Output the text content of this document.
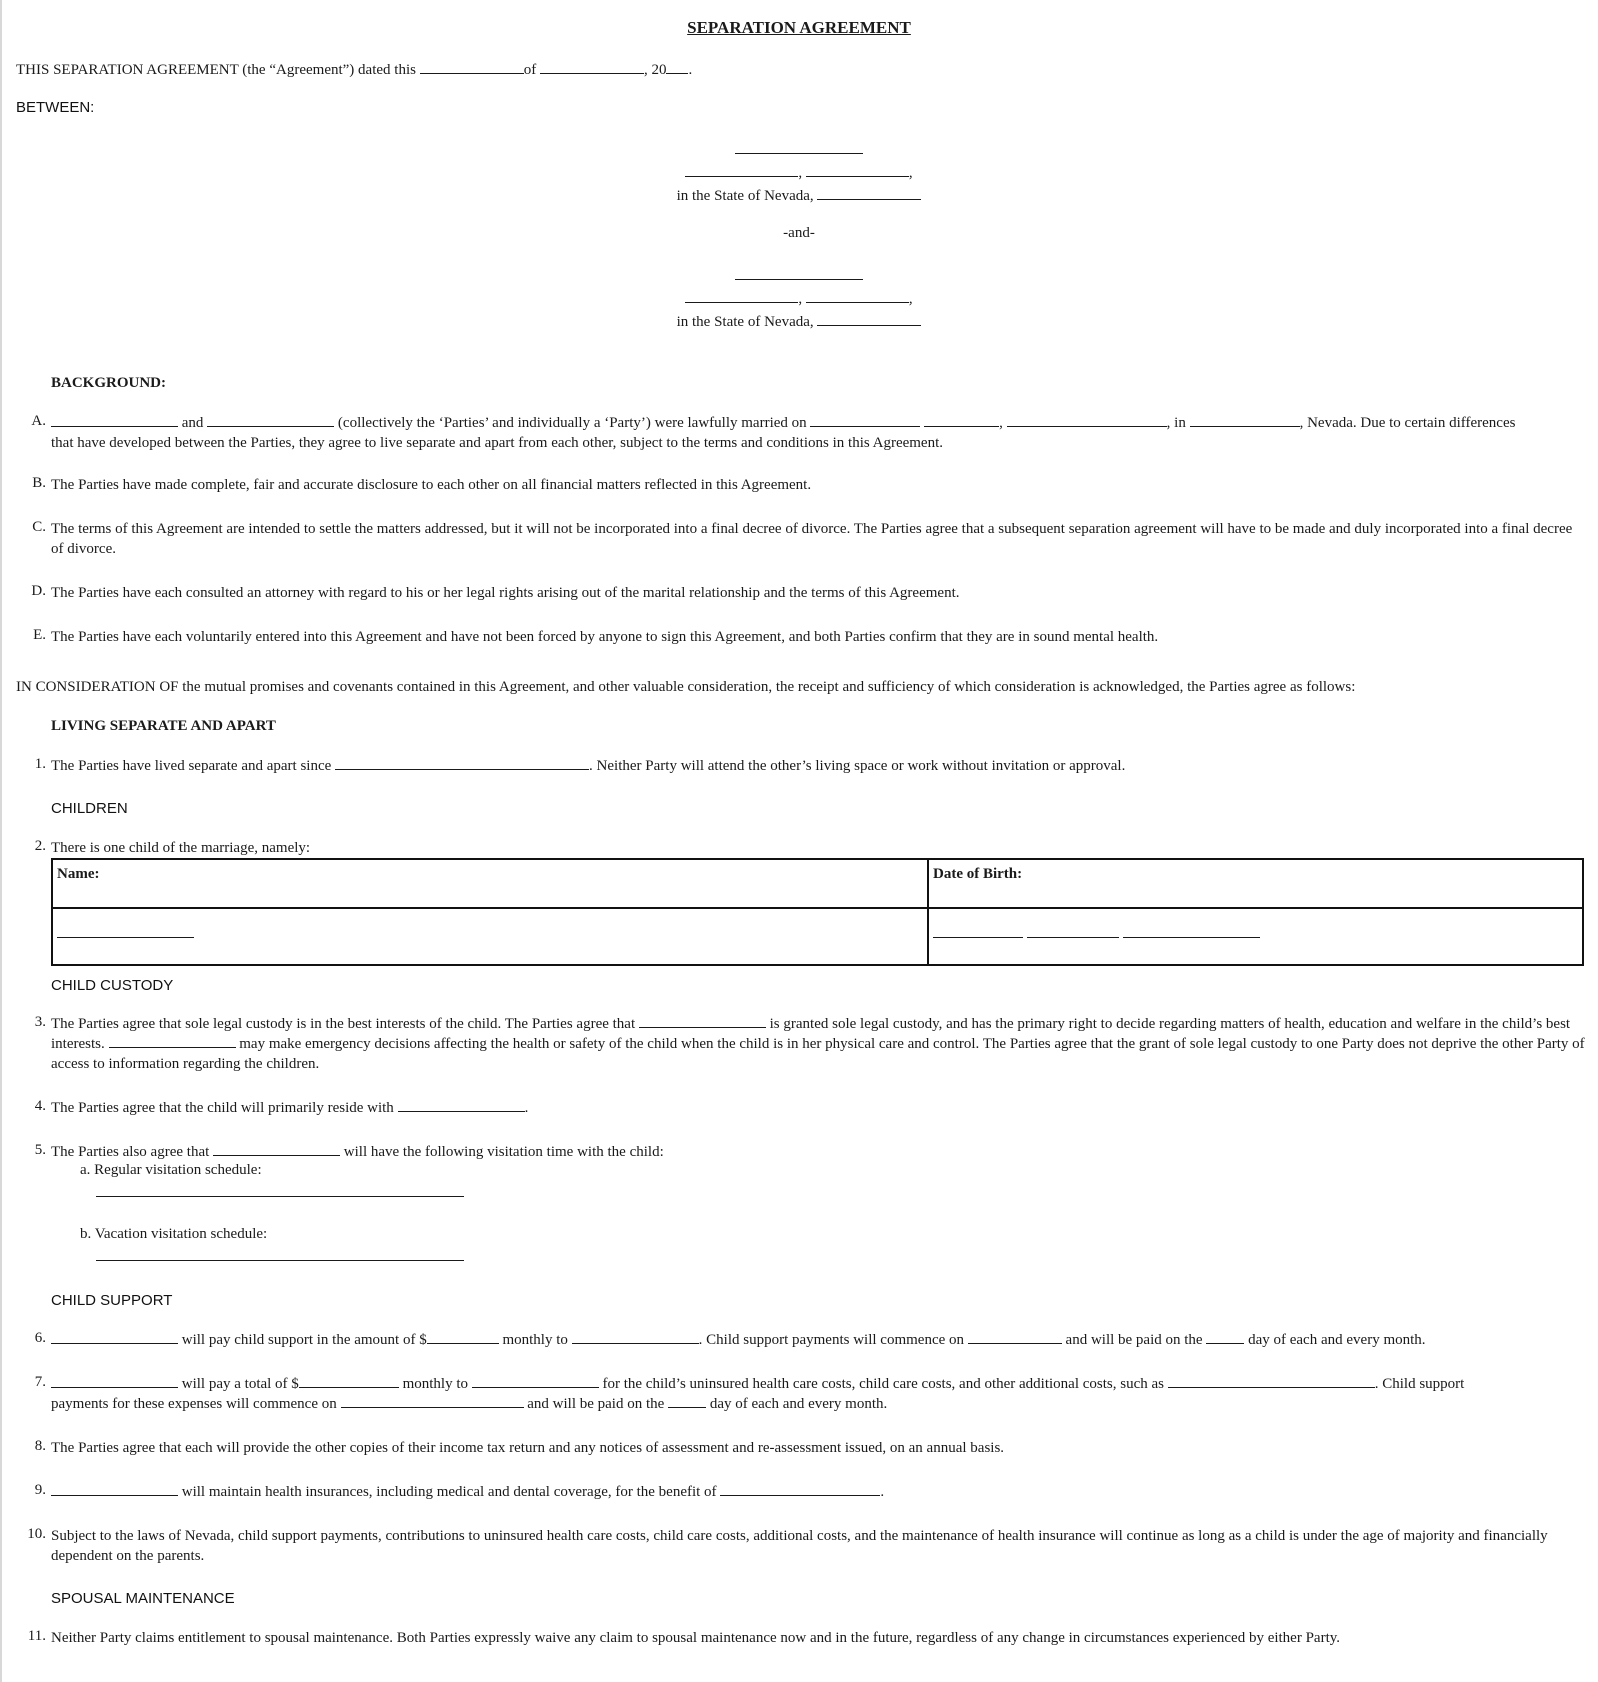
SEPARATION AGREEMENT
THIS SEPARATION AGREEMENT (the “Agreement”) dated this	of	, 20 .
BETWEEN:
,	,
in the State of Nevada,
-and-
,	,
in the State of Nevada,
BACKGROUND:
A.	and	(collectively the ‘Parties’ and individually a ‘Party’) were lawfully married on	,	, in	, Nevada. Due to certain differences
that have developed between the Parties, they agree to live separate and apart from each other, subject to the terms and conditions in this Agreement.
B. The Parties have made complete, fair and accurate disclosure to each other on all financial matters reflected in this Agreement.
C. The terms of this Agreement are intended to settle the matters addressed, but it will not be incorporated into a final decree of divorce. The Parties agree that a subsequent separation agreement will have to be made and duly incorporated into a final decree of divorce.
D. The Parties have each consulted an attorney with regard to his or her legal rights arising out of the marital relationship and the terms of this Agreement.
E. The Parties have each voluntarily entered into this Agreement and have not been forced by anyone to sign this Agreement, and both Parties confirm that they are in sound mental health.
IN CONSIDERATION OF the mutual promises and covenants contained in this Agreement, and other valuable consideration, the receipt and sufficiency of which consideration is acknowledged, the Parties agree as follows:
LIVING SEPARATE AND APART
1. The Parties have lived separate and apart since	. Neither Party will attend the other’s living space or work without invitation or approval.
CHILDREN
2. There is one child of the marriage, namely:
Name:	Date of Birth:

CHILD CUSTODY
3. The Parties agree that sole legal custody is in the best interests of the child. The Parties agree that	is granted sole legal custody, and has the primary right to decide regarding matters of health, education and welfare in the child’s best interests.	may make emergency decisions affecting the health or safety of the child when the child is in her physical care and control. The Parties agree that the grant of sole legal custody to one Party does not deprive the other Party of access to information regarding the children.
4. The Parties agree that the child will primarily reside with	.
5. The Parties also agree that	will have the following visitation time with the child:
a. Regular visitation schedule:
b. Vacation visitation schedule:
CHILD SUPPORT
6.	will pay child support in the amount of $	monthly to	. Child support payments will commence on	and will be paid on the	day of each and every month.
7.	will pay a total of $	monthly to	for the child’s uninsured health care costs, child care costs, and other additional costs, such as	. Child support
payments for these expenses will commence on	and will be paid on the	day of each and every month.
8. The Parties agree that each will provide the other copies of their income tax return and any notices of assessment and re-assessment issued, on an annual basis.
9.	will maintain health insurances, including medical and dental coverage, for the benefit of	.
10. Subject to the laws of Nevada, child support payments, contributions to uninsured health care costs, child care costs, additional costs, and the maintenance of health insurance will continue as long as a child is under the age of majority and financially dependent on the parents.
SPOUSAL MAINTENANCE
11. Neither Party claims entitlement to spousal maintenance. Both Parties expressly waive any claim to spousal maintenance now and in the future, regardless of any change in circumstances experienced by either Party.
